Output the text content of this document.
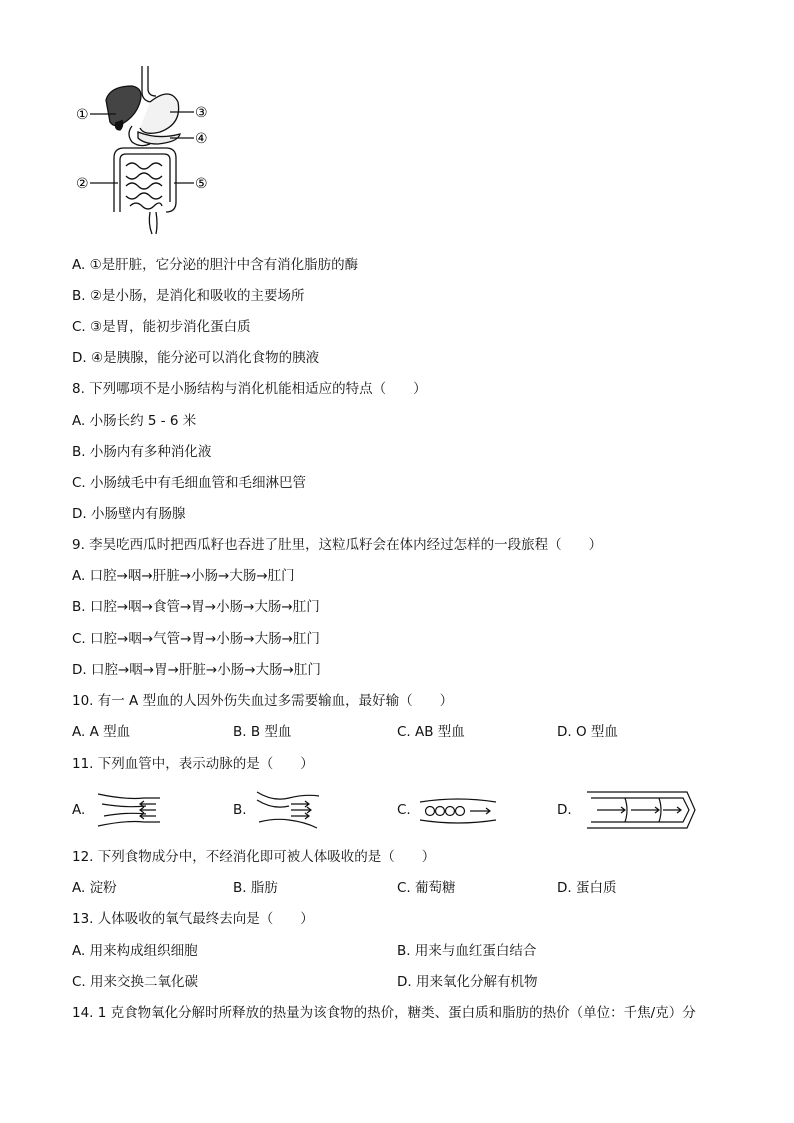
①	③
④
②	⑤
A. ①是肝脏，它分泌的胆汁中含有消化脂肪的酶
B. ②是小肠，是消化和吸收的主要场所
C. ③是胃，能初步消化蛋白质
D. ④是胰腺，能分泌可以消化食物的胰液
8. 下列哪项不是小肠结构与消化机能相适应的特点（　　）
A. 小肠长约 5 - 6 米
B. 小肠内有多种消化液
C. 小肠绒毛中有毛细血管和毛细淋巴管
D. 小肠壁内有肠腺
9. 李昊吃西瓜时把西瓜籽也吞进了肚里，这粒瓜籽会在体内经过怎样的一段旅程（　　）
A. 口腔→咽→肝脏→小肠→大肠→肛门
B. 口腔→咽→食管→胃→小肠→大肠→肛门
C. 口腔→咽→气管→胃→小肠→大肠→肛门
D. 口腔→咽→胃→肝脏→小肠→大肠→肛门
10. 有一 A 型血的人因外伤失血过多需要输血，最好输（　　）
A. A 型血	B. B 型血	C. AB 型血	D. O 型血
11. 下列血管中，表示动脉的是（　　）
A.	B.	C.	D.
12. 下列食物成分中，不经消化即可被人体吸收的是（　　）
A. 淀粉	B. 脂肪	C. 葡萄糖	D. 蛋白质
13. 人体吸收的氧气最终去向是（　　）
A. 用来构成组织细胞	B. 用来与血红蛋白结合
C. 用来交换二氧化碳	D. 用来氧化分解有机物
14. 1 克食物氧化分解时所释放的热量为该食物的热价，糖类、蛋白质和脂肪的热价（单位：千焦/克）分
